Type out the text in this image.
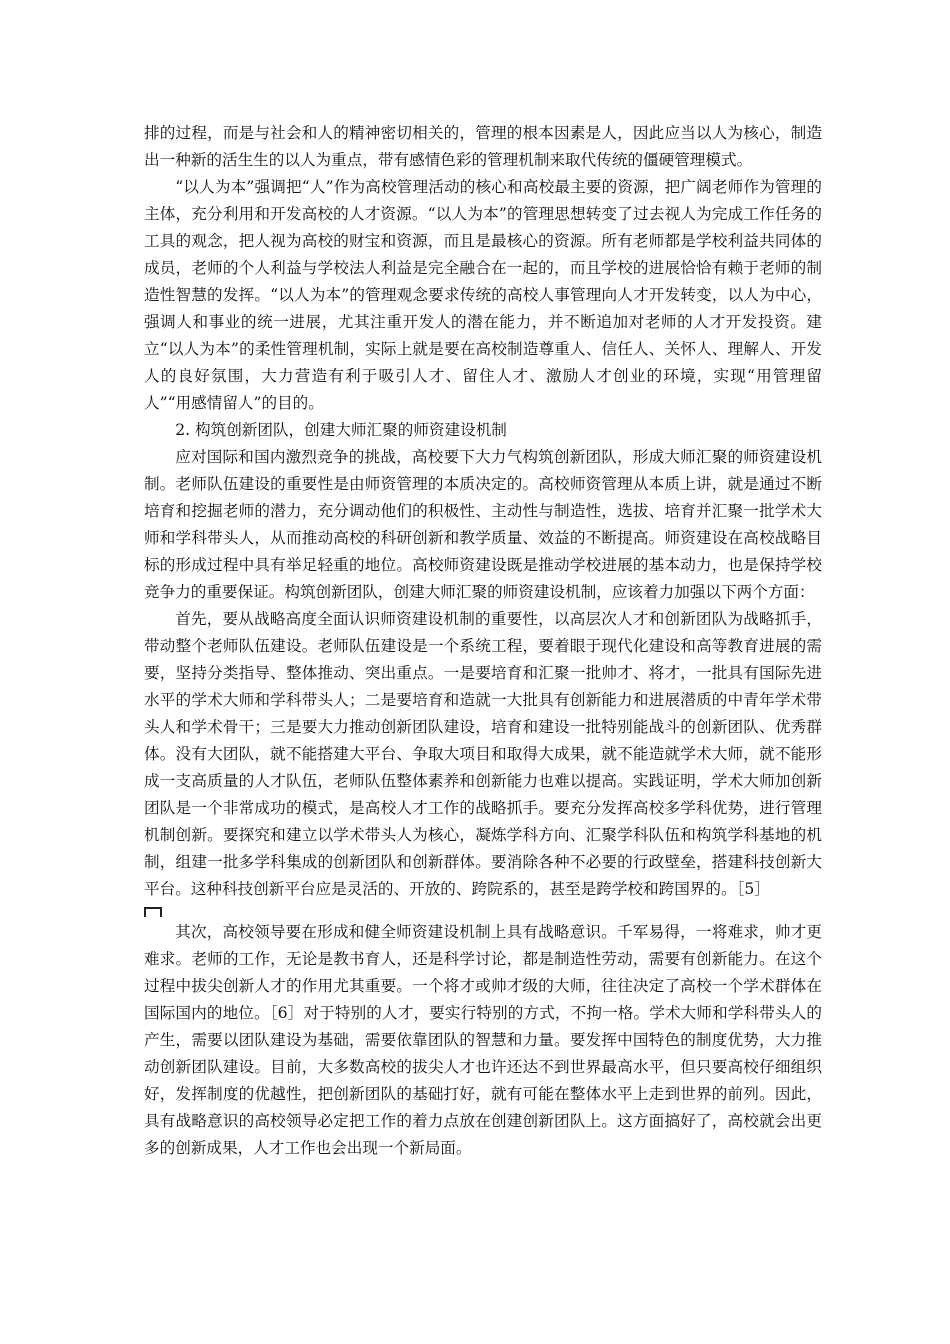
排的过程，而是与社会和人的精神密切相关的，管理的根本因素是人，因此应当以人为核心，制造出一种新的活生生的以人为重点，带有感情色彩的管理机制来取代传统的僵硬管理模式。

“以人为本”强调把“人”作为高校管理活动的核心和高校最主要的资源，把广阔老师作为管理的主体，充分利用和开发高校的人才资源。“以人为本”的管理思想转变了过去视人为完成工作任务的工具的观念，把人视为高校的财宝和资源，而且是最核心的资源。所有老师都是学校利益共同体的成员，老师的个人利益与学校法人利益是完全融合在一起的，而且学校的进展恰恰有赖于老师的制造性智慧的发挥。“以人为本”的管理观念要求传统的高校人事管理向人才开发转变，以人为中心，强调人和事业的统一进展，尤其注重开发人的潜在能力，并不断追加对老师的人才开发投资。建立“以人为本”的柔性管理机制，实际上就是要在高校制造尊重人、信任人、关怀人、理解人、开发人的良好氛围，大力营造有利于吸引人才、留住人才、激励人才创业的环境，实现“用管理留人”“用感情留人”的目的。

2. 构筑创新团队，创建大师汇聚的师资建设机制

应对国际和国内激烈竞争的挑战，高校要下大力气构筑创新团队，形成大师汇聚的师资建设机制。老师队伍建设的重要性是由师资管理的本质决定的。高校师资管理从本质上讲，就是通过不断培育和挖掘老师的潜力，充分调动他们的积极性、主动性与制造性，选拔、培育并汇聚一批学术大师和学科带头人，从而推动高校的科研创新和教学质量、效益的不断提高。师资建设在高校战略目标的形成过程中具有举足轻重的地位。高校师资建设既是推动学校进展的基本动力，也是保持学校竞争力的重要保证。构筑创新团队，创建大师汇聚的师资建设机制，应该着力加强以下两个方面：

首先，要从战略高度全面认识师资建设机制的重要性，以高层次人才和创新团队为战略抓手，带动整个老师队伍建设。老师队伍建设是一个系统工程，要着眼于现代化建设和高等教育进展的需要，坚持分类指导、整体推动、突出重点。一是要培育和汇聚一批帅才、将才，一批具有国际先进水平的学术大师和学科带头人；二是要培育和造就一大批具有创新能力和进展潜质的中青年学术带头人和学术骨干；三是要大力推动创新团队建设，培育和建设一批特别能战斗的创新团队、优秀群体。没有大团队，就不能搭建大平台、争取大项目和取得大成果，就不能造就学术大师，就不能形成一支高质量的人才队伍，老师队伍整体素养和创新能力也难以提高。实践证明，学术大师加创新团队是一个非常成功的模式，是高校人才工作的战略抓手。要充分发挥高校多学科优势，进行管理机制创新。要探究和建立以学术带头人为核心，凝炼学科方向、汇聚学科队伍和构筑学科基地的机制，组建一批多学科集成的创新团队和创新群体。要消除各种不必要的行政壁垒，搭建科技创新大平台。这种科技创新平台应是灵活的、开放的、跨院系的，甚至是跨学校和跨国界的。［5］

其次，高校领导要在形成和健全师资建设机制上具有战略意识。千军易得，一将难求，帅才更难求。老师的工作，无论是教书育人，还是科学讨论，都是制造性劳动，需要有创新能力。在这个过程中拔尖创新人才的作用尤其重要。一个将才或帅才级的大师，往往决定了高校一个学术群体在国际国内的地位。［6］对于特别的人才，要实行特别的方式，不拘一格。学术大师和学科带头人的产生，需要以团队建设为基础，需要依靠团队的智慧和力量。要发挥中国特色的制度优势，大力推动创新团队建设。目前，大多数高校的拔尖人才也许还达不到世界最高水平，但只要高校仔细组织好，发挥制度的优越性，把创新团队的基础打好，就有可能在整体水平上走到世界的前列。因此，具有战略意识的高校领导必定把工作的着力点放在创建创新团队上。这方面搞好了，高校就会出更多的创新成果，人才工作也会出现一个新局面。
